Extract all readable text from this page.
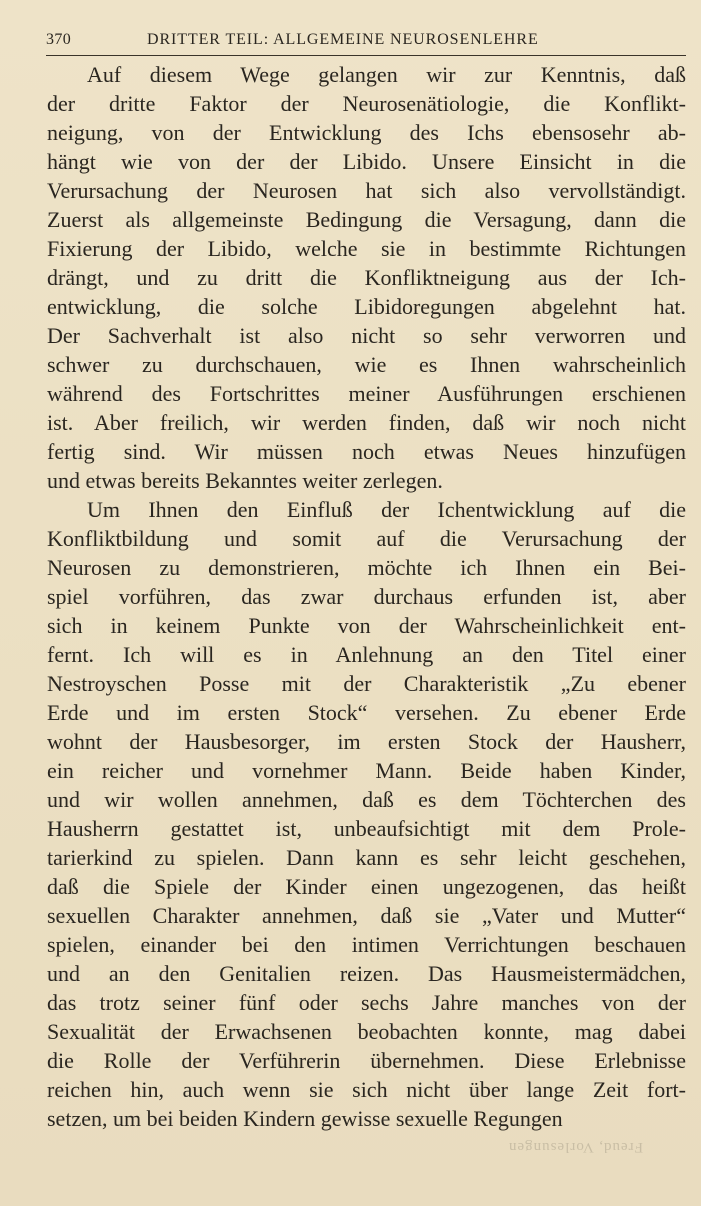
370	DRITTER TEIL: ALLGEMEINE NEUROSENLEHRE
Auf diesem Wege gelangen wir zur Kenntnis, daß
der dritte Faktor der Neurosenätiologie, die Konflikt-
neigung, von der Entwicklung des Ichs ebensosehr ab-
hängt wie von der der Libido. Unsere Einsicht in die
Verursachung der Neurosen hat sich also vervollständigt.
Zuerst als allgemeinste Bedingung die Versagung, dann die
Fixierung der Libido, welche sie in bestimmte Richtungen
drängt, und zu dritt die Konfliktneigung aus der Ich-
entwicklung, die solche Libidoregungen abgelehnt hat.
Der Sachverhalt ist also nicht so sehr verworren und
schwer zu durchschauen, wie es Ihnen wahrscheinlich
während des Fortschrittes meiner Ausführungen erschienen
ist. Aber freilich, wir werden finden, daß wir noch nicht
fertig sind. Wir müssen noch etwas Neues hinzufügen
und etwas bereits Bekanntes weiter zerlegen.
Um Ihnen den Einfluß der Ichentwicklung auf die
Konfliktbildung und somit auf die Verursachung der
Neurosen zu demonstrieren, möchte ich Ihnen ein Bei-
spiel vorführen, das zwar durchaus erfunden ist, aber
sich in keinem Punkte von der Wahrscheinlichkeit ent-
fernt. Ich will es in Anlehnung an den Titel einer
Nestroyschen Posse mit der Charakteristik „Zu ebener
Erde und im ersten Stock“ versehen. Zu ebener Erde
wohnt der Hausbesorger, im ersten Stock der Hausherr,
ein reicher und vornehmer Mann. Beide haben Kinder,
und wir wollen annehmen, daß es dem Töchterchen des
Hausherrn gestattet ist, unbeaufsichtigt mit dem Prole-
tarierkind zu spielen. Dann kann es sehr leicht geschehen,
daß die Spiele der Kinder einen ungezogenen, das heißt
sexuellen Charakter annehmen, daß sie „Vater und Mutter“
spielen, einander bei den intimen Verrichtungen beschauen
und an den Genitalien reizen. Das Hausmeistermädchen,
das trotz seiner fünf oder sechs Jahre manches von der
Sexualität der Erwachsenen beobachten konnte, mag dabei
die Rolle der Verführerin übernehmen. Diese Erlebnisse
reichen hin, auch wenn sie sich nicht über lange Zeit fort-
setzen, um bei beiden Kindern gewisse sexuelle Regungen
Freud, Vorlesungen
